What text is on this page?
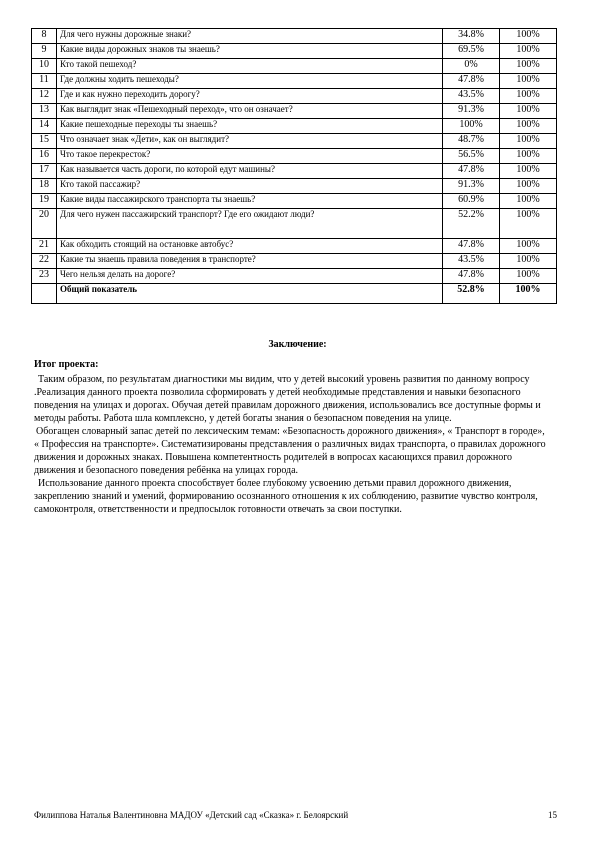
8	Для чего нужны дорожные знаки?	34.8%	100%
9	Какие виды дорожных знаков ты знаешь?	69.5%	100%
10	Кто такой пешеход?	0%	100%
11	Где должны ходить пешеходы?	47.8%	100%
12	Где и как нужно переходить дорогу?	43.5%	100%
13	Как выглядит знак «Пешеходный переход», что он означает?	91.3%	100%
14	Какие пешеходные переходы ты знаешь?	100%	100%
15	Что означает знак «Дети», как он выглядит?	48.7%	100%
16	Что такое перекресток?	56.5%	100%
17	Как называется часть дороги, по которой едут машины?	47.8%	100%
18	Кто такой пассажир?	91.3%	100%
19	Какие виды пассажирского транспорта ты знаешь?	60.9%	100%
20	Для чего нужен пассажирский транспорт? Где его ожидают люди?	52.2%	100%
21	Как обходить стоящий на остановке автобус?	47.8%	100%
22	Какие ты знаешь правила поведения в транспорте?	43.5%	100%
23	Чего нельзя делать на дороге?	47.8%	100%
	Общий показатель	52.8%	100%
Заключение:
Итог проекта:

Таким образом, по результатам диагностики мы видим, что у детей высокий уровень развития по данному вопросу .Реализация данного проекта позволила сформировать у детей необходимые представления и навыки безопасного поведения на улицах и дорогах. Обучая детей правилам дорожного движения, использовались все доступные формы и методы работы. Работа шла комплексно, у детей богаты знания о безопасном поведения на улице.

Обогащен словарный запас детей по лексическим темам: «Безопасность дорожного движения», « Транспорт в городе», « Профессия на транспорте». Систематизированы представления о различных видах транспорта, о правилах дорожного движения и дорожных знаках. Повышена компетентность родителей в вопросах касающихся правил дорожного движения и безопасного поведения ребёнка на улицах города.

Использование данного проекта способствует более глубокому усвоению детьми правил дорожного движения, закреплению знаний и умений, формированию осознанного отношения к их соблюдению, развитие чувство контроля, самоконтроля, ответственности и предпосылок готовности отвечать за свои поступки.

Филиппова Наталья Валентиновна МАДОУ «Детский сад «Сказка» г. Белоярский	15
